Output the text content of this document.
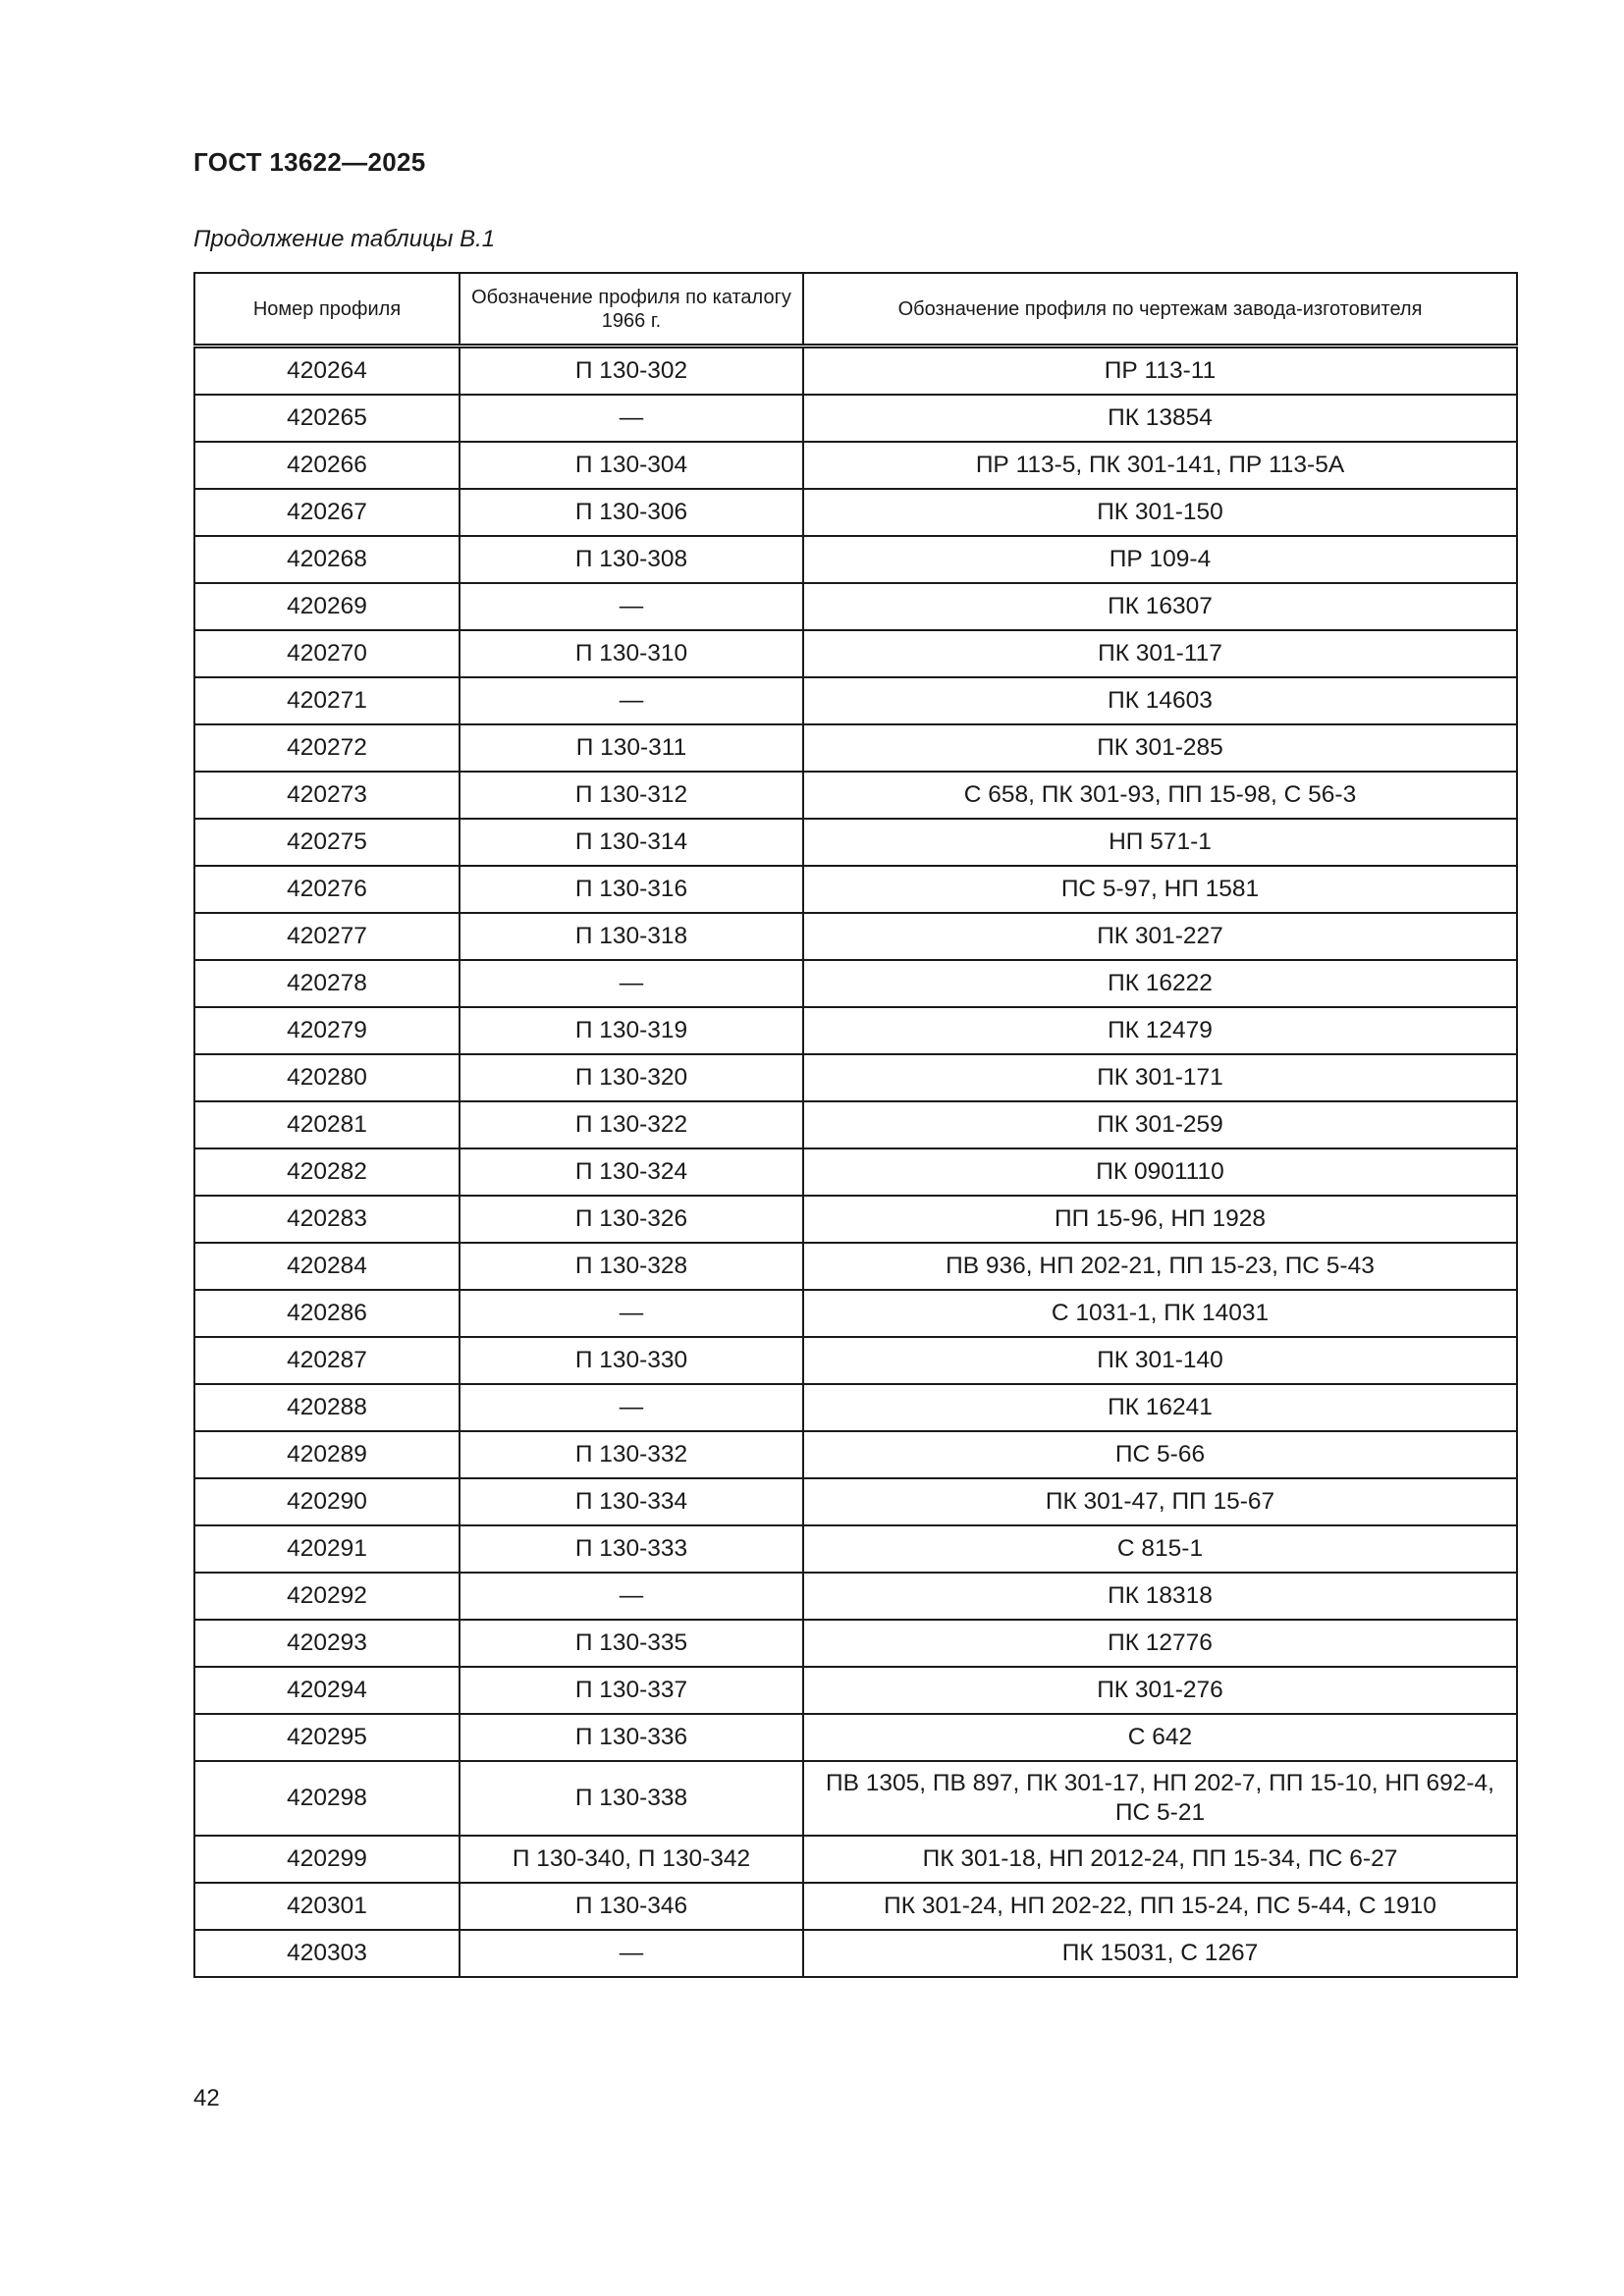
ГОСТ 13622—2025
Продолжение таблицы В.1
Номер профиля	Обозначение профиля по каталогу 1966 г.	Обозначение профиля по чертежам завода-изготовителя
420264	П 130-302	ПР 113-11
420265	—	ПК 13854
420266	П 130-304	ПР 113-5, ПК 301-141, ПР 113-5А
420267	П 130-306	ПК 301-150
420268	П 130-308	ПР 109-4
420269	—	ПК 16307
420270	П 130-310	ПК 301-117
420271	—	ПК 14603
420272	П 130-311	ПК 301-285
420273	П 130-312	С 658, ПК 301-93, ПП 15-98, С 56-3
420275	П 130-314	НП 571-1
420276	П 130-316	ПС 5-97, НП 1581
420277	П 130-318	ПК 301-227
420278	—	ПК 16222
420279	П 130-319	ПК 12479
420280	П 130-320	ПК 301-171
420281	П 130-322	ПК 301-259
420282	П 130-324	ПК 0901110
420283	П 130-326	ПП 15-96, НП 1928
420284	П 130-328	ПВ 936, НП 202-21, ПП 15-23, ПС 5-43
420286	—	С 1031-1, ПК 14031
420287	П 130-330	ПК 301-140
420288	—	ПК 16241
420289	П 130-332	ПС 5-66
420290	П 130-334	ПК 301-47, ПП 15-67
420291	П 130-333	С 815-1
420292	—	ПК 18318
420293	П 130-335	ПК 12776
420294	П 130-337	ПК 301-276
420295	П 130-336	С 642
420298	П 130-338	ПВ 1305, ПВ 897, ПК 301-17, НП 202-7, ПП 15-10, НП 692-4, ПС 5-21
420299	П 130-340, П 130-342	ПК 301-18, НП 2012-24, ПП 15-34, ПС 6-27
420301	П 130-346	ПК 301-24, НП 202-22, ПП 15-24, ПС 5-44, С 1910
420303	—	ПК 15031, С 1267
42
